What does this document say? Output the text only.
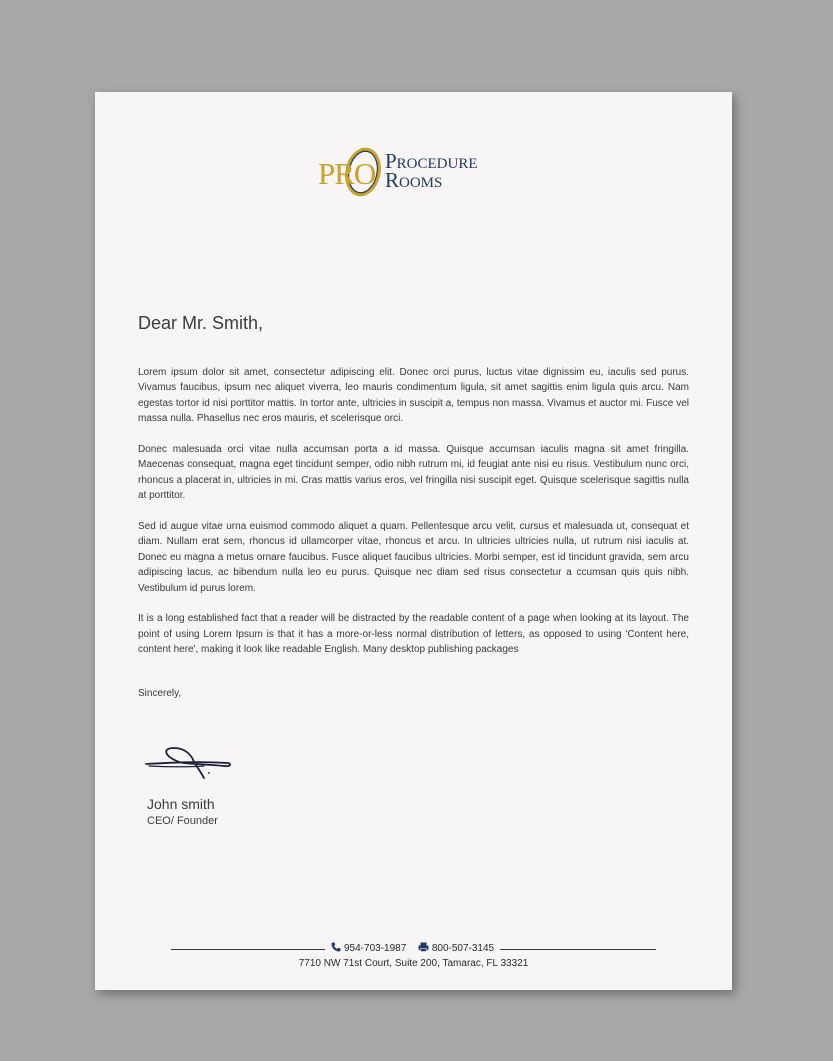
PRO Procedure
Rooms
Dear Mr. Smith,

Lorem ipsum dolor sit amet, consectetur adipiscing elit. Donec orci purus, luctus vitae dignissim eu, iaculis sed purus. Vivamus faucibus, ipsum nec aliquet viverra, leo mauris condimentum ligula, sit amet sagittis enim ligula quis arcu. Nam egestas tortor id nisi porttitor mattis. In tortor ante, ultricies in suscipit a, tempus non massa. Vivamus et auctor mi. Fusce vel massa nulla. Phasellus nec eros mauris, et scelerisque orci.

Donec malesuada orci vitae nulla accumsan porta a id massa. Quisque accumsan iaculis magna sit amet fringilla. Maecenas consequat, magna eget tincidunt semper, odio nibh rutrum mi, id feugiat ante nisi eu risus. Vestibulum nunc orci, rhoncus a placerat in, ultricies in mi. Cras mattis varius eros, vel fringilla nisi suscipit eget. Quisque scelerisque sagittis nulla at porttitor.

Sed id augue vitae urna euismod commodo aliquet a quam. Pellentesque arcu velit, cursus et malesuada ut, consequat et diam. Nullam erat sem, rhoncus id ullamcorper vitae, rhoncus et arcu. In ultricies ultricies nulla, ut rutrum nisi iaculis at. Donec eu magna a metus ornare faucibus. Fusce aliquet faucibus ultricies. Morbi semper, est id tincidunt gravida, sem arcu adipiscing lacus, ac bibendum nulla leo eu purus. Quisque nec diam sed risus consectetur a ccumsan quis quis nibh. Vestibulum id purus lorem.

It is a long established fact that a reader will be distracted by the readable content of a page when looking at its layout. The point of using Lorem Ipsum is that it has a more-or-less normal distribution of letters, as opposed to using 'Content here, content here', making it look like readable English. Many desktop publishing packages

Sincerely,
John smith
CEO/ Founder
954-703-1987	800-507-3145
7710 NW 71st Court, Suite 200, Tamarac, FL 33321
